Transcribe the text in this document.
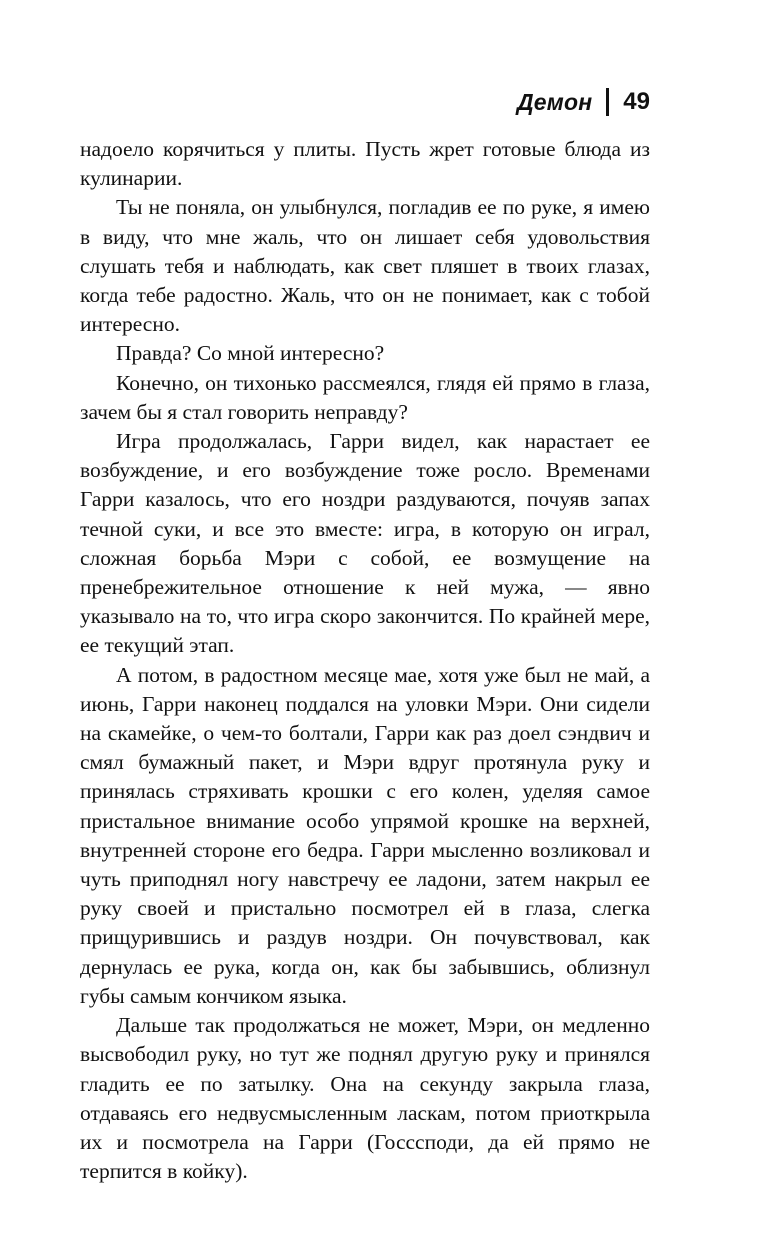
Демон 49

надоело корячиться у плиты. Пусть жрет готовые блюда из кулинарии.

Ты не поняла, он улыбнулся, погладив ее по руке, я имею в виду, что мне жаль, что он лишает себя удовольствия слушать тебя и наблюдать, как свет пляшет в твоих глазах, когда тебе радостно. Жаль, что он не понимает, как с тобой интересно.

Правда? Со мной интересно?

Конечно, он тихонько рассмеялся, глядя ей прямо в глаза, зачем бы я стал говорить неправду?

Игра продолжалась, Гарри видел, как нарастает ее возбуждение, и его возбуждение тоже росло. Временами Гарри казалось, что его ноздри раздуваются, почуяв запах течной суки, и все это вместе: игра, в которую он играл, сложная борьба Мэри с собой, ее возмущение на пренебрежительное отношение к ней мужа, — явно указывало на то, что игра скоро закончится. По крайней мере, ее текущий этап.

А потом, в радостном месяце мае, хотя уже был не май, а июнь, Гарри наконец поддался на уловки Мэри. Они сидели на скамейке, о чем-то болтали, Гарри как раз доел сэндвич и смял бумажный пакет, и Мэри вдруг протянула руку и принялась стряхивать крошки с его колен, уделяя самое пристальное внимание особо упрямой крошке на верхней, внутренней стороне его бедра. Гарри мысленно возликовал и чуть приподнял ногу навстречу ее ладони, затем накрыл ее руку своей и пристально посмотрел ей в глаза, слегка прищурившись и раздув ноздри. Он почувствовал, как дернулась ее рука, когда он, как бы забывшись, облизнул губы самым кончиком языка.

Дальше так продолжаться не может, Мэри, он медленно высвободил руку, но тут же поднял другую руку и принялся гладить ее по затылку. Она на секунду закрыла глаза, отдаваясь его недвусмысленным ласкам, потом приоткрыла их и посмотрела на Гарри (Госссподи, да ей прямо не терпится в койку).
